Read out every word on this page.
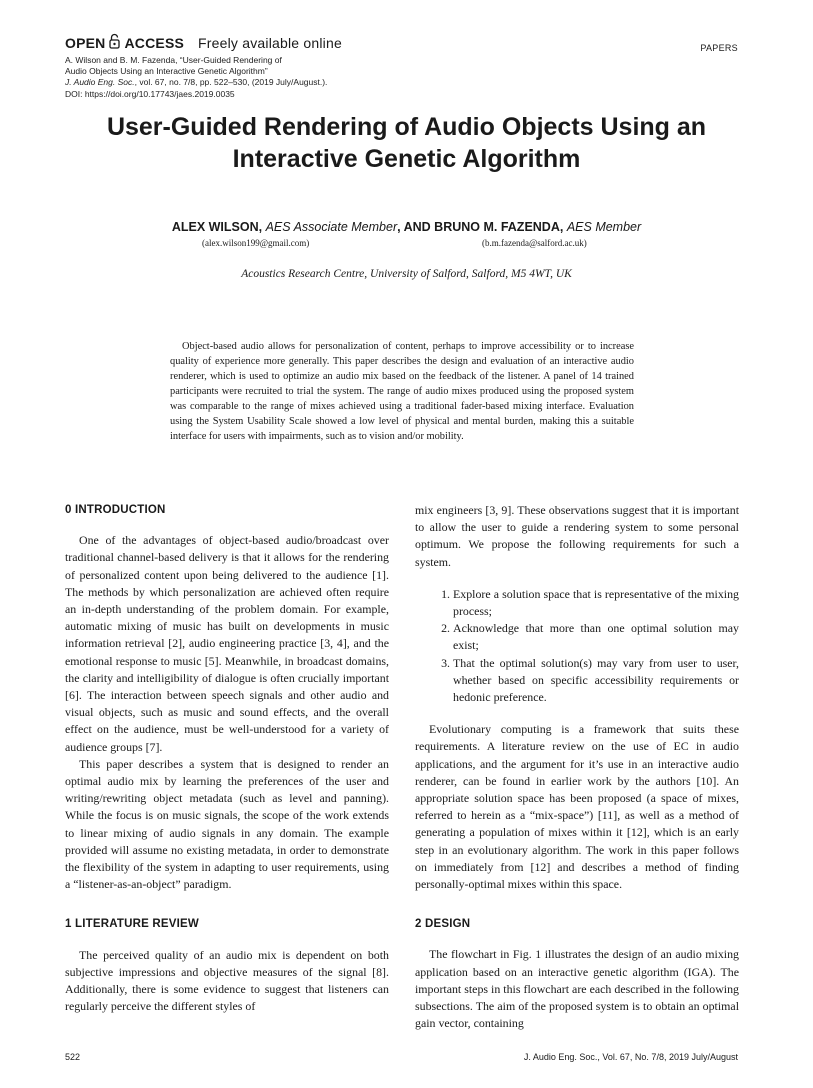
OPEN ACCESS Freely available online	PAPERS
A. Wilson and B. M. Fazenda, “User-Guided Rendering of
Audio Objects Using an Interactive Genetic Algorithm”
J. Audio Eng. Soc., vol. 67, no. 7/8, pp. 522–530, (2019 July/August.).
DOI: https://doi.org/10.17743/jaes.2019.0035
User-Guided Rendering of Audio Objects Using an
Interactive Genetic Algorithm
ALEX WILSON, AES Associate Member, AND BRUNO M. FAZENDA, AES Member
(alex.wilson199@gmail.com)	(b.m.fazenda@salford.ac.uk)
Acoustics Research Centre, University of Salford, Salford, M5 4WT, UK
Object-based audio allows for personalization of content, perhaps to improve accessibility or to increase quality of experience more generally. This paper describes the design and evaluation of an interactive audio renderer, which is used to optimize an audio mix based on the feedback of the listener. A panel of 14 trained participants were recruited to trial the system. The range of audio mixes produced using the proposed system was comparable to the range of mixes achieved using a traditional fader-based mixing interface. Evaluation using the System Usability Scale showed a low level of physical and mental burden, making this a suitable interface for users with impairments, such as to vision and/or mobility.
0 INTRODUCTION

One of the advantages of object-based audio/broadcast over traditional channel-based delivery is that it allows for the rendering of personalized content upon being delivered to the audience [1]. The methods by which personalization are achieved often require an in-depth understanding of the problem domain. For example, automatic mixing of music has built on developments in music information retrieval [2], audio engineering practice [3, 4], and the emotional response to music [5]. Meanwhile, in broadcast domains, the clarity and intelligibility of dialogue is often crucially important [6]. The interaction between speech signals and other audio and visual objects, such as music and sound effects, and the overall effect on the audience, must be well-understood for a variety of audience groups [7].

This paper describes a system that is designed to render an optimal audio mix by learning the preferences of the user and writing/rewriting object metadata (such as level and panning). While the focus is on music signals, the scope of the work extends to linear mixing of audio signals in any domain. The example provided will assume no existing metadata, in order to demonstrate the flexibility of the system in adapting to user requirements, using a “listener-as-an-object” paradigm.

1 LITERATURE REVIEW

The perceived quality of an audio mix is dependent on both subjective impressions and objective measures of the signal [8]. Additionally, there is some evidence to suggest that listeners can regularly perceive the different styles of

mix engineers [3, 9]. These observations suggest that it is important to allow the user to guide a rendering system to some personal optimum. We propose the following requirements for such a system.

1. Explore a solution space that is representative of the mixing process;
2. Acknowledge that more than one optimal solution may exist;
3. That the optimal solution(s) may vary from user to user, whether based on specific accessibility requirements or hedonic preference.

Evolutionary computing is a framework that suits these requirements. A literature review on the use of EC in audio applications, and the argument for it’s use in an interactive audio renderer, can be found in earlier work by the authors [10]. An appropriate solution space has been proposed (a space of mixes, referred to herein as a “mix-space”) [11], as well as a method of generating a population of mixes within it [12], which is an early step in an evolutionary algorithm. The work in this paper follows on immediately from [12] and describes a method of finding personally-optimal mixes within this space.

2 DESIGN

The flowchart in Fig. 1 illustrates the design of an audio mixing application based on an interactive genetic algorithm (IGA). The important steps in this flowchart are each described in the following subsections. The aim of the proposed system is to obtain an optimal gain vector, containing

522	J. Audio Eng. Soc., Vol. 67, No. 7/8, 2019 July/August
